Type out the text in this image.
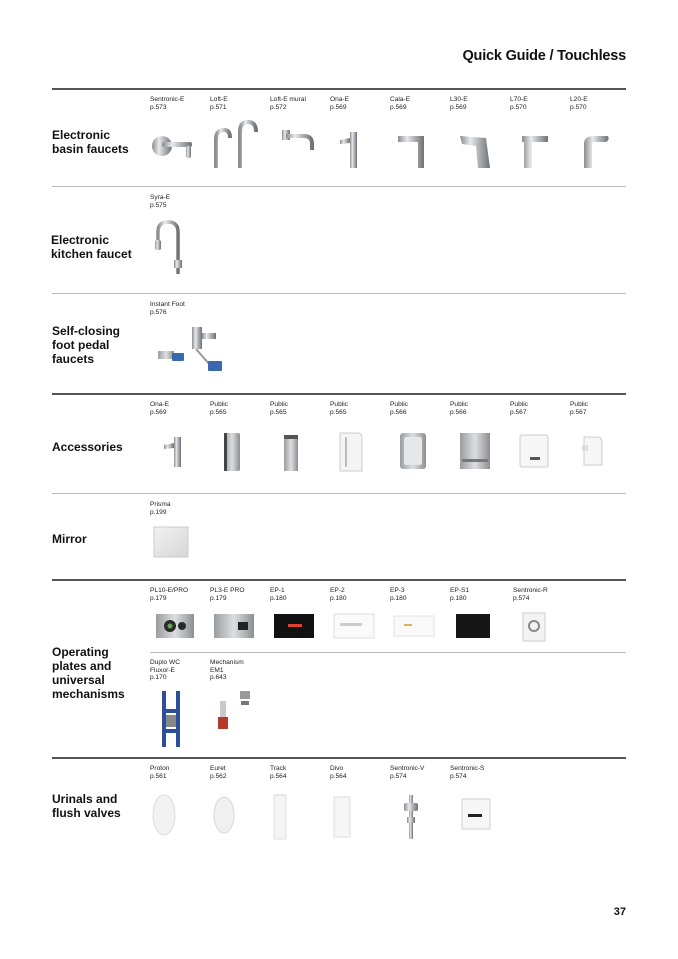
Quick Guide / Touchless
Electronic basin faucets
Sentronic-E
p.573
Loft-E
p.571
Loft-E mural
p.572
Ona-E
p.569
Cala-E
p.569
L30-E
p.569
L70-E
p.570
L20-E
p.570
Electronic kitchen faucet
Syra-E
p.575
Self-closing foot pedal faucets
Instant Foot
p.576
Accessories
Ona-E
p.569
Public
p.565
Public
p.565
Public
p.565
Public
p.566
Public
p.566
Public
p.567
Public
p.567
Mirror
Prisma
p.199
Operating plates and universal mechanisms
PL10-E/PRO
p.179
PL3-E PRO
p.179
EP-1
p.180
EP-2
p.180
EP-3
p.180
EP-S1
p.180
Sentronic-R
p.574
Duplo WC
Fluxor-E
p.170
Mechanism
EM1
p.643
Urinals and flush valves
Proton
p.561
Euret
p.562
Track
p.564
Divo
p.564
Sentronic-V
p.574
Sentronic-S
p.574
37
